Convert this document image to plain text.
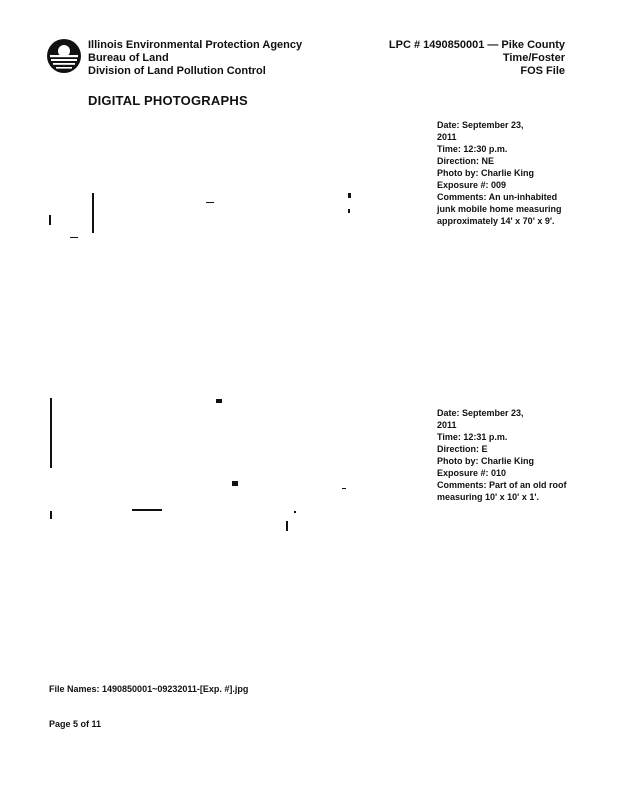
Illinois Environmental Protection Agency
Bureau of Land
Division of Land Pollution Control
LPC # 1490850001 — Pike County
Time/Foster
FOS File
DIGITAL PHOTOGRAPHS
Date: September 23,
2011
Time: 12:30 p.m.
Direction: NE
Photo by: Charlie King
Exposure #: 009
Comments: An un-inhabited junk mobile home measuring approximately 14' x 70' x 9'.
Date: September 23,
2011
Time: 12:31 p.m.
Direction: E
Photo by: Charlie King
Exposure #: 010
Comments: Part of an old roof measuring 10' x 10' x 1'.
File Names: 1490850001~09232011-[Exp. #].jpg
Page 5 of 11
